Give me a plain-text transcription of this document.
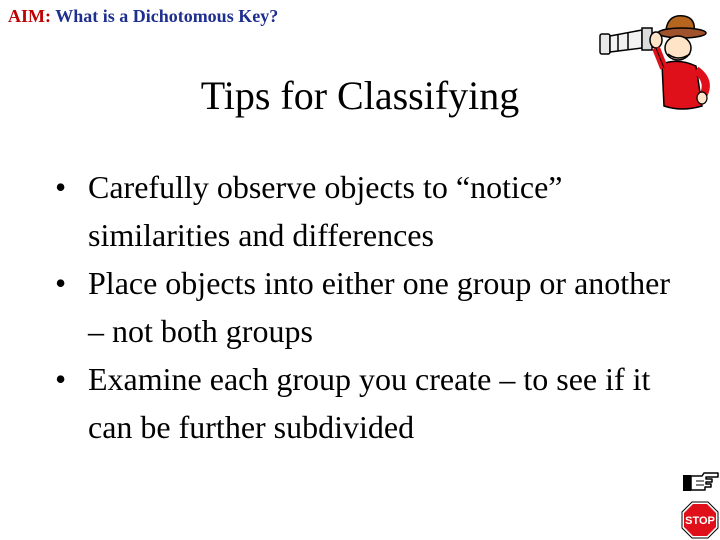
AIM: What is a Dichotomous Key?
Tips for Classifying
• Carefully observe objects to “notice” similarities and differences
• Place objects into either one group or another – not both groups
• Examine each group you create – to see if it can be further subdivided
STOP
